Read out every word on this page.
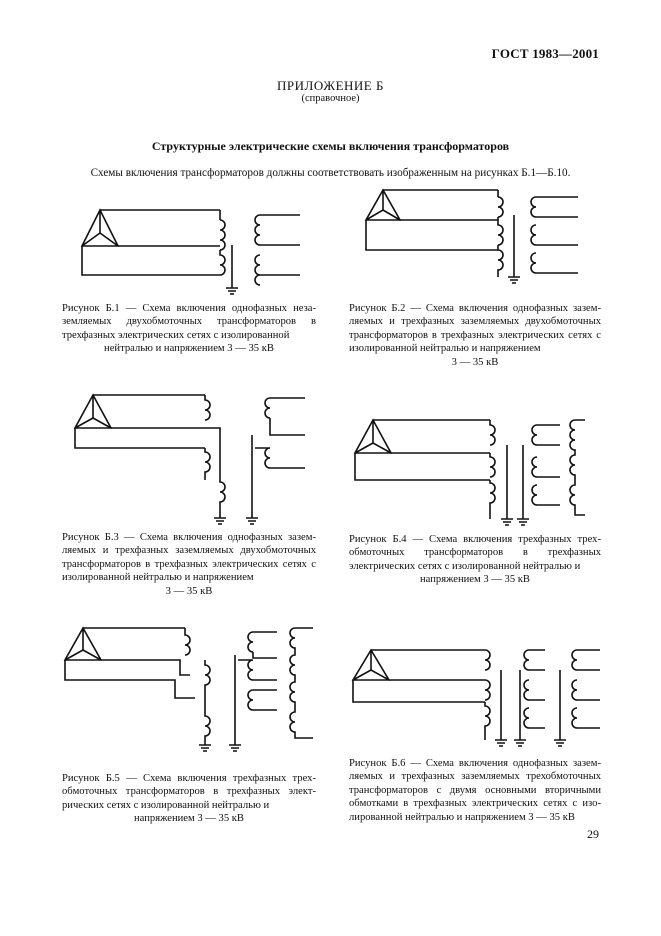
ГОСТ 1983—2001
ПРИЛОЖЕНИЕ Б
(справочное)
Структурные электрические схемы включения трансформаторов
Схемы включения трансформаторов должны соответствовать изображенным на рисунках Б.1—Б.10.
Рисунок Б.1 — Схема включения однофазных незаземляемых двухобмоточных трансформаторов в трехфазных электрических сетях с изолированной
нейтралью и напряжением 3 — 35 кВ
Рисунок Б.2 — Схема включения однофазных заземляемых и трехфазных заземляемых двухобмоточных трансформаторов в трехфазных электрических сетях с изолированной нейтралью и напряжением
3 — 35 кВ
Рисунок Б.3 — Схема включения однофазных заземляемых и трехфазных заземляемых двухобмоточных трансформаторов в трехфазных электрических сетях с изолированной нейтралью и напряжением
3 — 35 кВ
Рисунок Б.4 — Схема включения трехфазных трехобмоточных трансформаторов в трехфазных электрических сетях с изолированной нейтралью и
напряжением 3 — 35 кВ
Рисунок Б.5 — Схема включения трехфазных трехобмоточных трансформаторов в трехфазных электрических сетях с изолированной нейтралью и
напряжением 3 — 35 кВ
Рисунок Б.6 — Схема включения однофазных заземляемых и трехфазных заземляемых трехобмоточных трансформаторов с двумя основными вторичными обмотками в трехфазных электрических сетях с изолированной нейтралью и напряжением 3 — 35 кВ
29
